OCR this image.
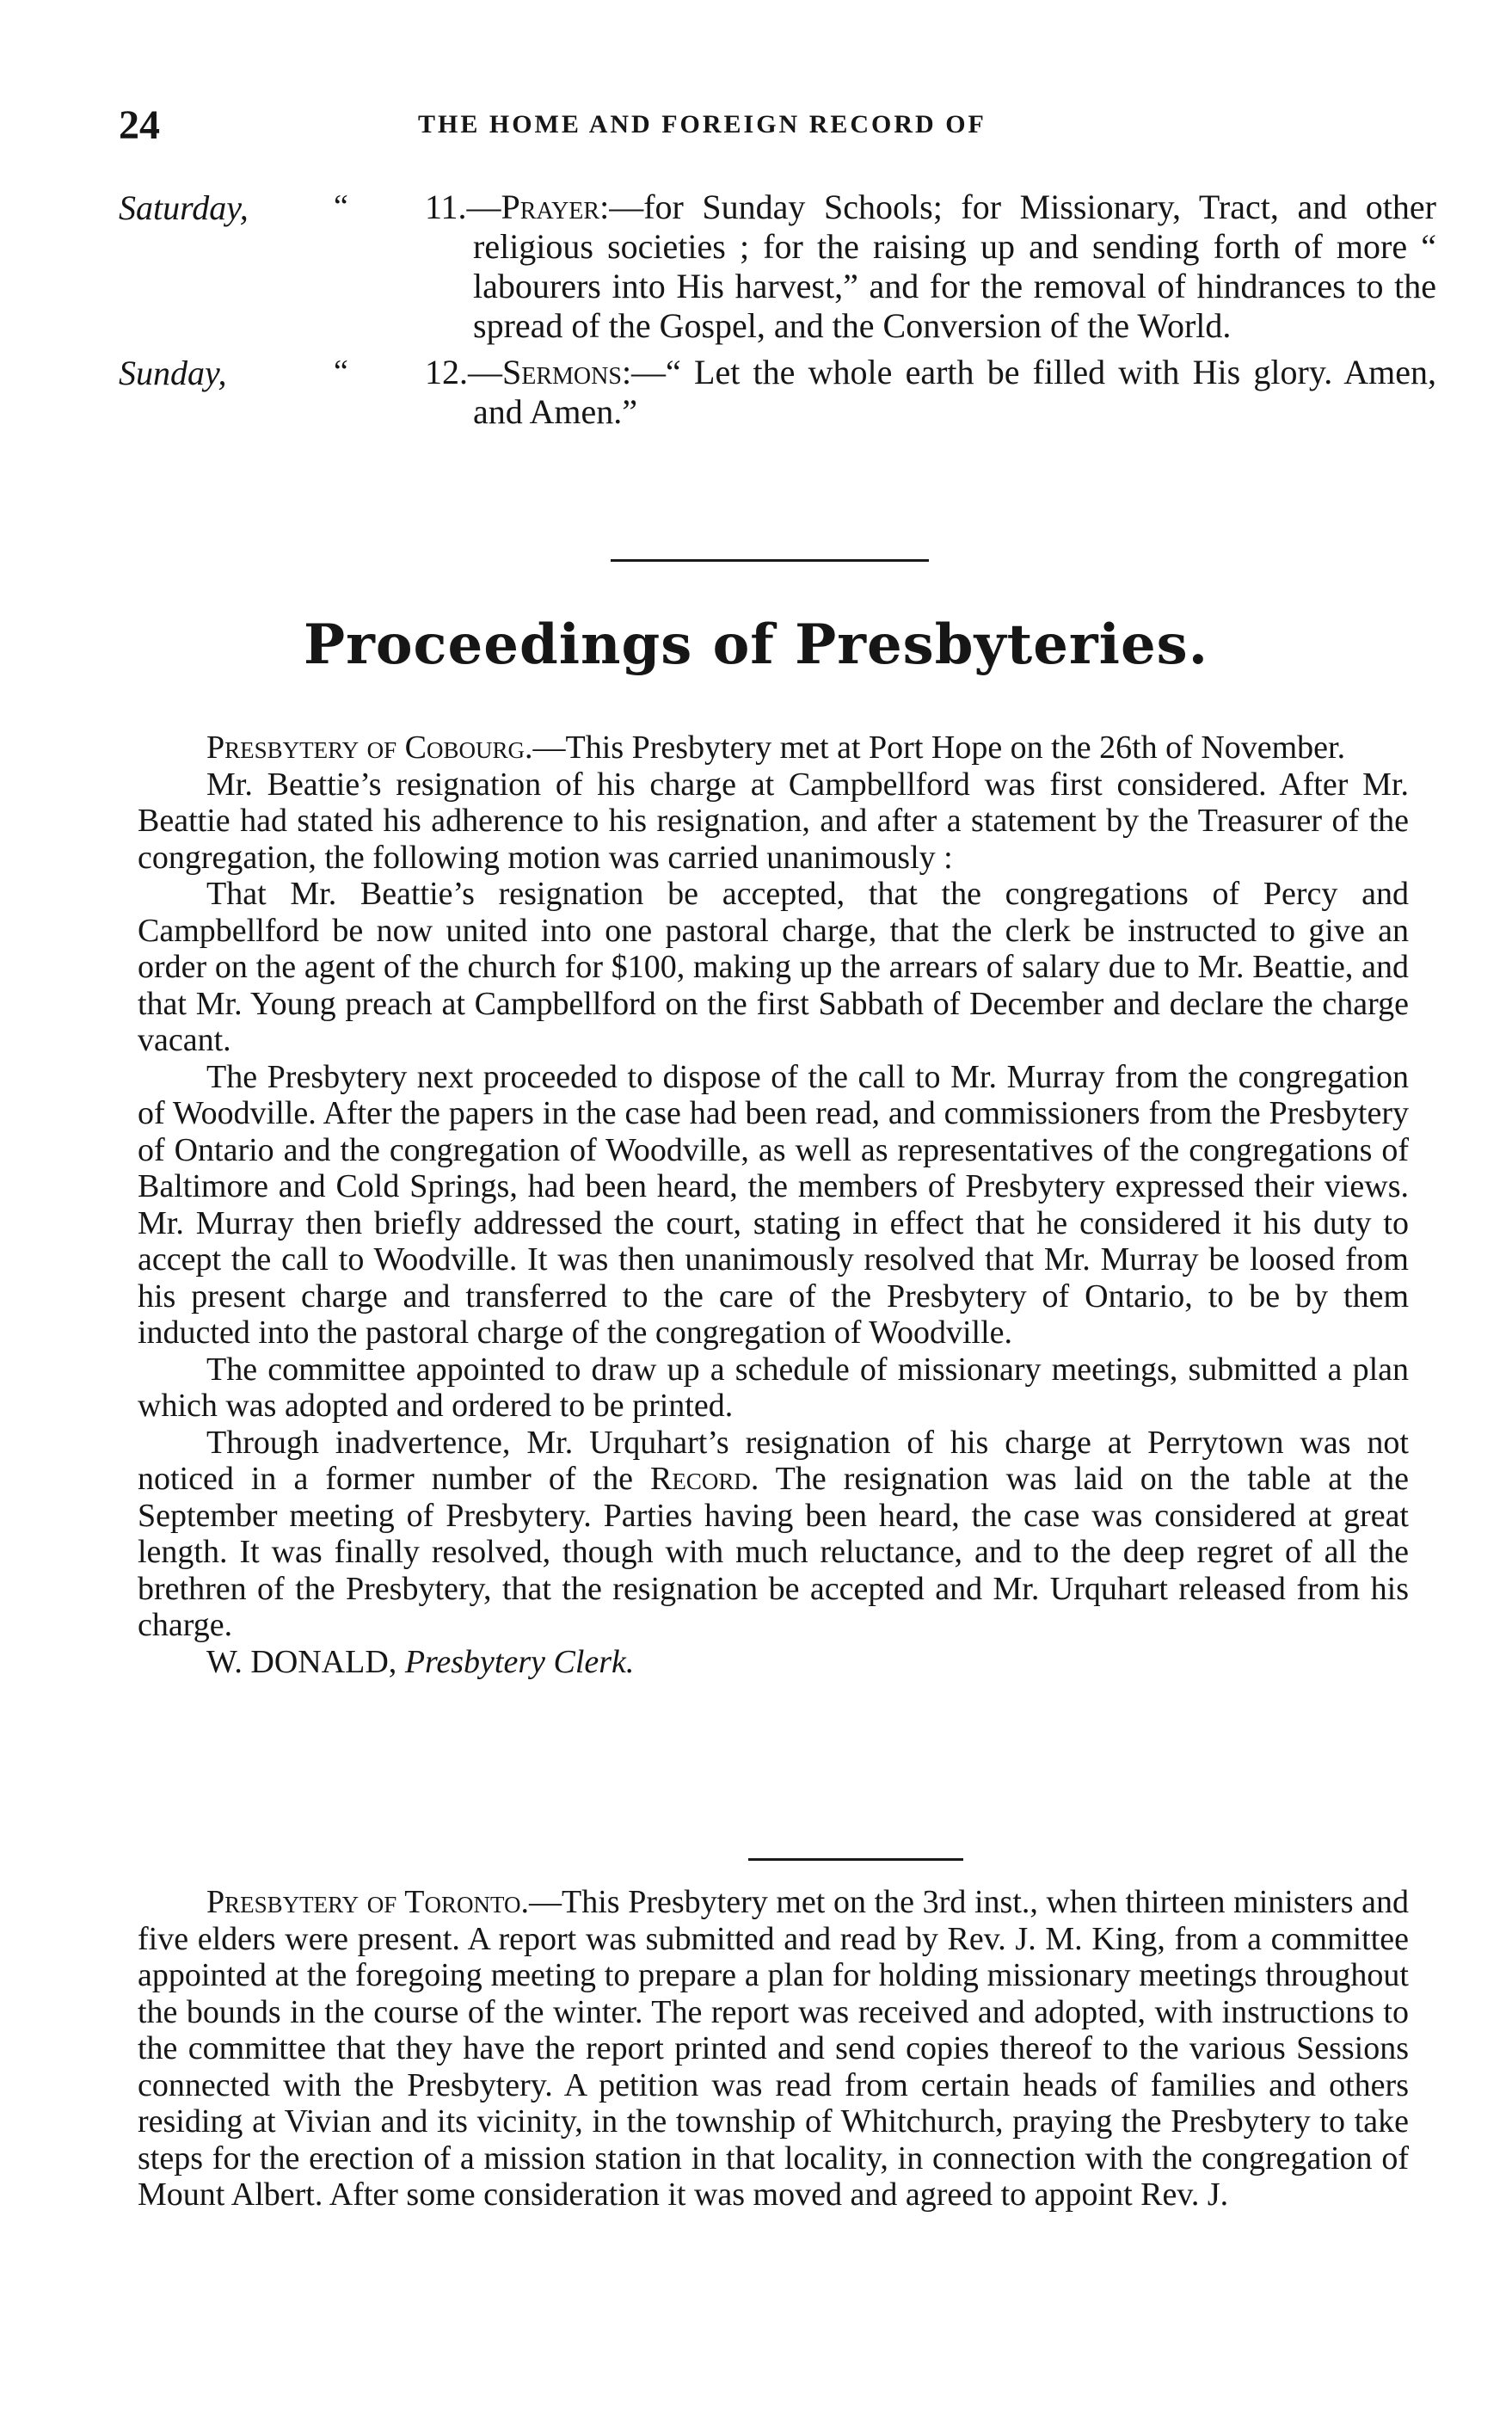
24	THE HOME AND FOREIGN RECORD OF
Saturday,	“ 11.—Prayer:—for Sunday Schools; for Missionary, Tract, and other religious societies ; for the raising up and sending forth of more “ labourers into His harvest,” and for the removal of hindrances to the spread of the Gospel, and the Conversion of the World.
Sunday,	“ 12.—Sermons:—“ Let the whole earth be filled with His glory. Amen, and Amen.”
Proceedings of Presbyteries.

Presbytery of Cobourg.—This Presbytery met at Port Hope on the 26th of November.

Mr. Beattie’s resignation of his charge at Campbellford was first considered. After Mr. Beattie had stated his adherence to his resignation, and after a statement by the Treasurer of the congregation, the following motion was carried unanimously :

That Mr. Beattie’s resignation be accepted, that the congregations of Percy and Campbellford be now united into one pastoral charge, that the clerk be instructed to give an order on the agent of the church for $100, making up the arrears of salary due to Mr. Beattie, and that Mr. Young preach at Campbellford on the first Sabbath of December and declare the charge vacant.

The Presbytery next proceeded to dispose of the call to Mr. Murray from the congregation of Woodville. After the papers in the case had been read, and commissioners from the Presbytery of Ontario and the congregation of Woodville, as well as representatives of the congregations of Baltimore and Cold Springs, had been heard, the members of Presbytery expressed their views. Mr. Murray then briefly addressed the court, stating in effect that he considered it his duty to accept the call to Woodville. It was then unanimously resolved that Mr. Murray be loosed from his present charge and transferred to the care of the Presbytery of Ontario, to be by them inducted into the pastoral charge of the congregation of Woodville.

The committee appointed to draw up a schedule of missionary meetings, submitted a plan which was adopted and ordered to be printed.

Through inadvertence, Mr. Urquhart’s resignation of his charge at Perrytown was not noticed in a former number of the Record. The resignation was laid on the table at the September meeting of Presbytery. Parties having been heard, the case was considered at great length. It was finally resolved, though with much reluctance, and to the deep regret of all the brethren of the Presbytery, that the resignation be accepted and Mr. Urquhart released from his charge.

W. DONALD, Presbytery Clerk.

Presbytery of Toronto.—This Presbytery met on the 3rd inst., when thirteen ministers and five elders were present. A report was submitted and read by Rev. J. M. King, from a committee appointed at the foregoing meeting to prepare a plan for holding missionary meetings throughout the bounds in the course of the winter. The report was received and adopted, with instructions to the committee that they have the report printed and send copies thereof to the various Sessions connected with the Presbytery. A petition was read from certain heads of families and others residing at Vivian and its vicinity, in the township of Whitchurch, praying the Presbytery to take steps for the erection of a mission station in that locality, in connection with the congregation of Mount Albert. After some consideration it was moved and agreed to appoint Rev. J.
